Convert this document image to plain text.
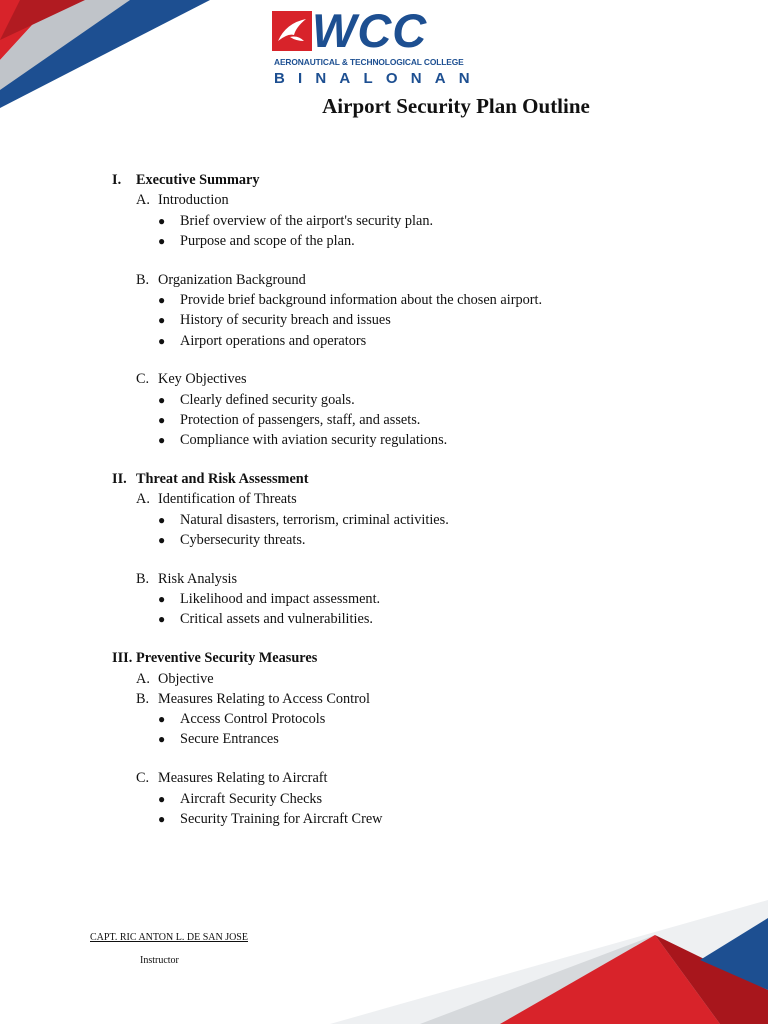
WCC
AERONAUTICAL & TECHNOLOGICAL COLLEGE
BINALONAN
Airport Security Plan Outline
I. Executive Summary
A. Introduction
● Brief overview of the airport's security plan.
● Purpose and scope of the plan.
B. Organization Background
● Provide brief background information about the chosen airport.
● History of security breach and issues
● Airport operations and operators
C. Key Objectives
● Clearly defined security goals.
● Protection of passengers, staff, and assets.
● Compliance with aviation security regulations.
II. Threat and Risk Assessment
A. Identification of Threats
● Natural disasters, terrorism, criminal activities.
● Cybersecurity threats.
B. Risk Analysis
● Likelihood and impact assessment.
● Critical assets and vulnerabilities.
III. Preventive Security Measures
A. Objective
B. Measures Relating to Access Control
● Access Control Protocols
● Secure Entrances
C. Measures Relating to Aircraft
● Aircraft Security Checks
● Security Training for Aircraft Crew
CAPT. RIC ANTON L. DE SAN JOSE
Instructor
